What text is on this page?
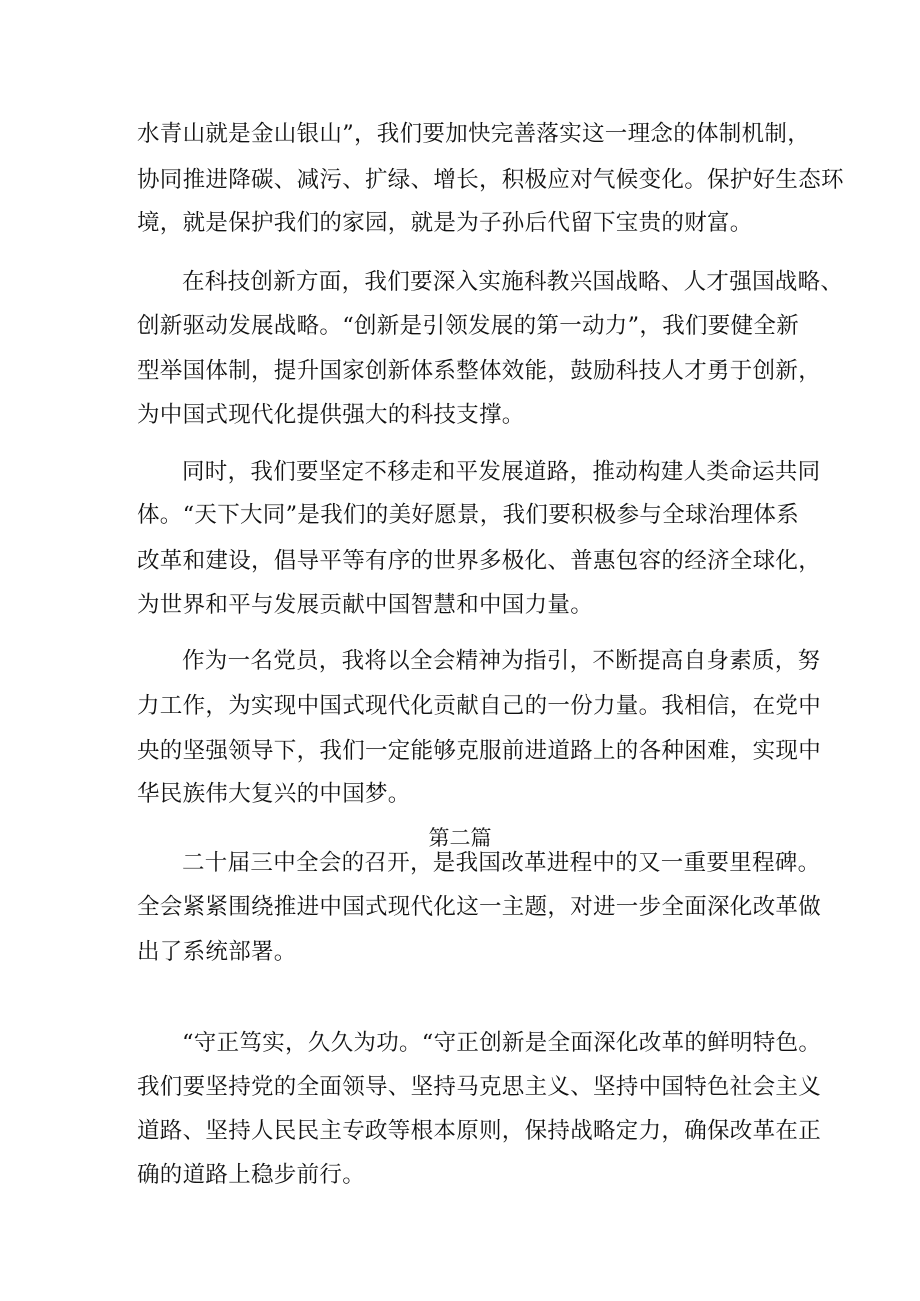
水青山就是金山银山”，我们要加快完善落实这一理念的体制机制，
协同推进降碳、减污、扩绿、增长，积极应对气候变化。保护好生态环
境，就是保护我们的家园，就是为子孙后代留下宝贵的财富。
在科技创新方面，我们要深入实施科教兴国战略、人才强国战略、
创新驱动发展战略。“创新是引领发展的第一动力”，我们要健全新
型举国体制，提升国家创新体系整体效能，鼓励科技人才勇于创新，
为中国式现代化提供强大的科技支撑。
同时，我们要坚定不移走和平发展道路，推动构建人类命运共同
体。“天下大同”是我们的美好愿景，我们要积极参与全球治理体系
改革和建设，倡导平等有序的世界多极化、普惠包容的经济全球化，
为世界和平与发展贡献中国智慧和中国力量。
作为一名党员，我将以全会精神为指引，不断提高自身素质，努
力工作，为实现中国式现代化贡献自己的一份力量。我相信，在党中
央的坚强领导下，我们一定能够克服前进道路上的各种困难，实现中
华民族伟大复兴的中国梦。
第二篇
二十届三中全会的召开，是我国改革进程中的又一重要里程碑。
全会紧紧围绕推进中国式现代化这一主题，对进一步全面深化改革做
出了系统部署。
“守正笃实，久久为功。“守正创新是全面深化改革的鲜明特色。
我们要坚持党的全面领导、坚持马克思主义、坚持中国特色社会主义
道路、坚持人民民主专政等根本原则，保持战略定力，确保改革在正
确的道路上稳步前行。
